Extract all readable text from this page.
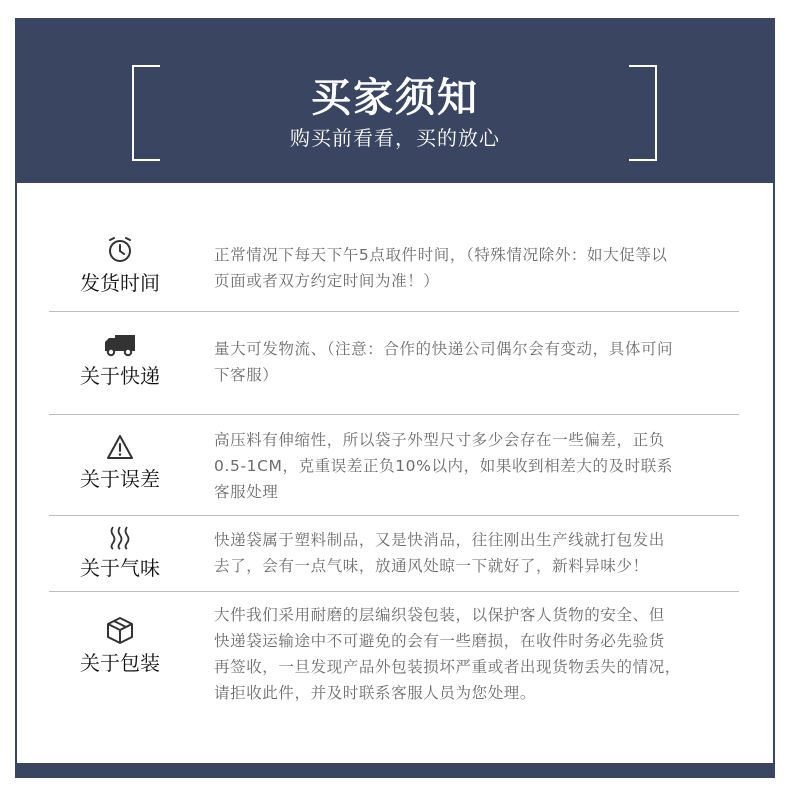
买家须知
购买前看看，买的放心
发货时间
正常情况下每天下午5点取件时间，（特殊情况除外：如大促等以
页面或者双方约定时间为准！）
关于快递
量大可发物流、（注意：合作的快递公司偶尔会有变动，具体可问
下客服）
关于误差
高压料有伸缩性，所以袋子外型尺寸多少会存在一些偏差，正负
0.5-1CM，克重误差正负10%以内，如果收到相差大的及时联系
客服处理
关于气味
快递袋属于塑料制品，又是快消品，往往刚出生产线就打包发出
去了，会有一点气味，放通风处晾一下就好了，新料异味少！
关于包装
大件我们采用耐磨的层编织袋包装，以保护客人货物的安全、但
快递袋运输途中不可避免的会有一些磨损，在收件时务必先验货
再签收，一旦发现产品外包装损坏严重或者出现货物丢失的情况，
请拒收此件，并及时联系客服人员为您处理。
